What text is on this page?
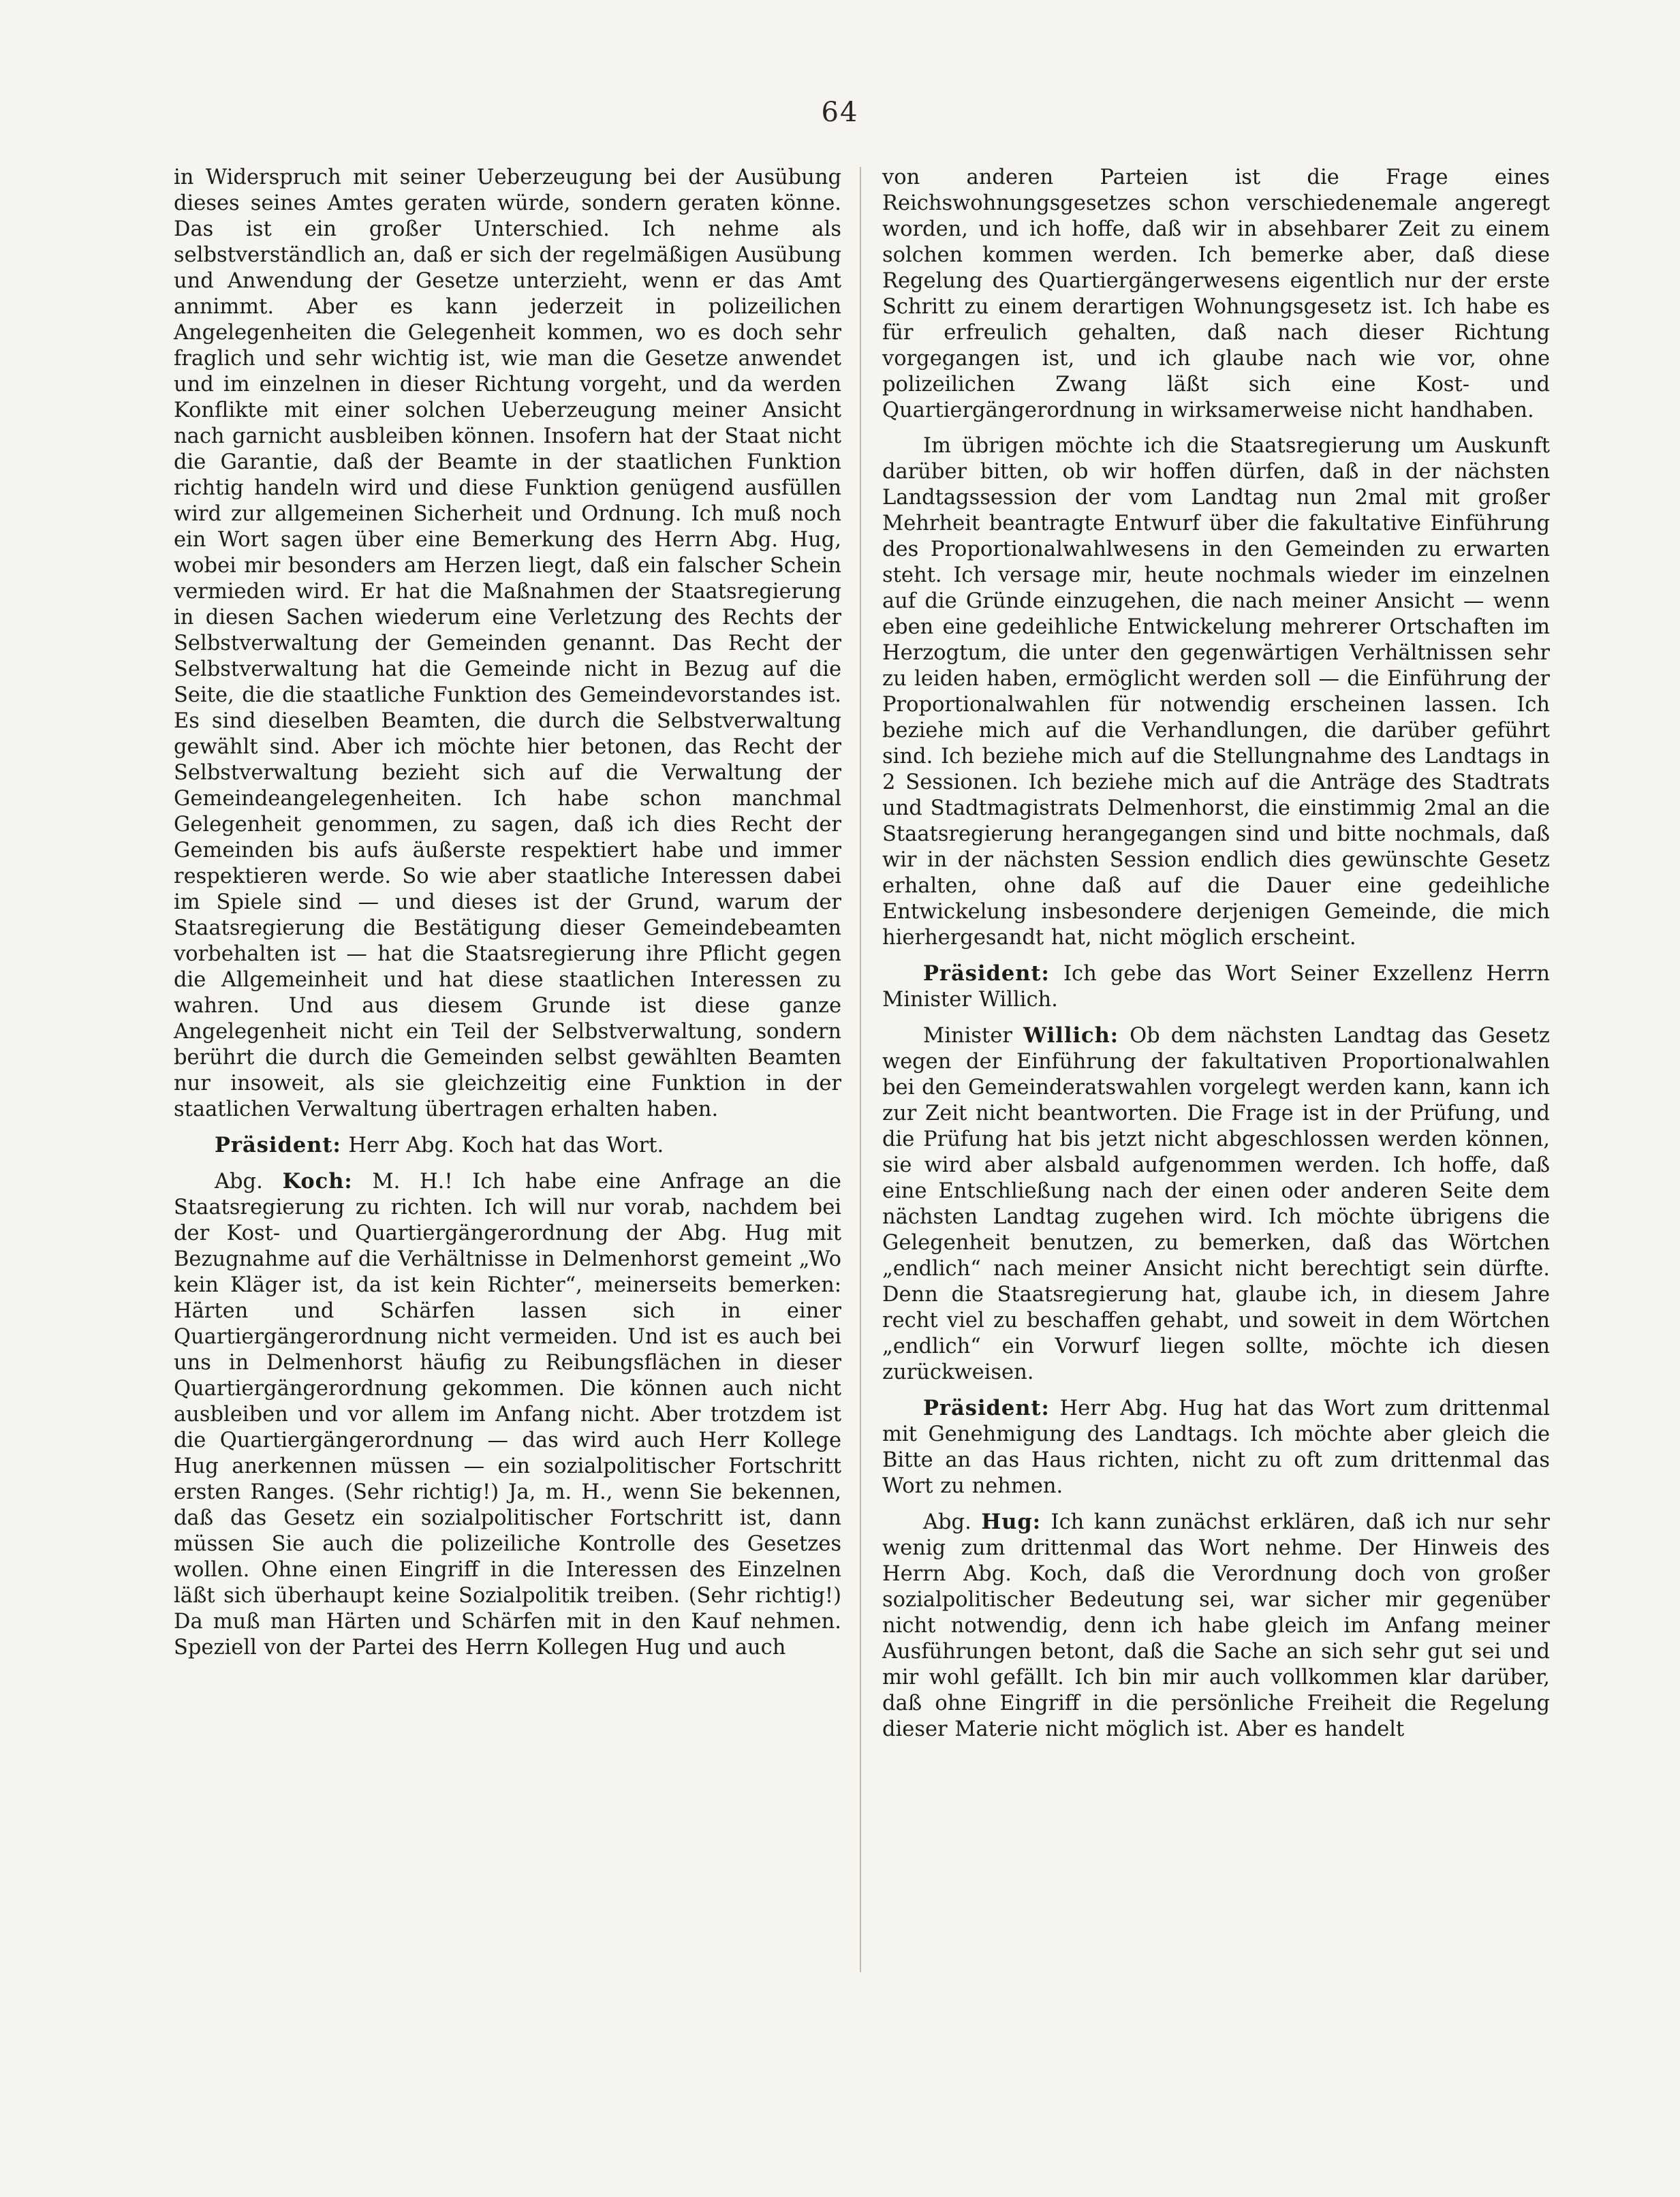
64

in Widerspruch mit seiner Ueberzeugung bei der Ausübung dieses seines Amtes geraten würde, sondern geraten könne. Das ist ein großer Unterschied. Ich nehme als selbstverständlich an, daß er sich der regelmäßigen Ausübung und Anwendung der Gesetze unterzieht, wenn er das Amt annimmt. Aber es kann jederzeit in polizeilichen Angelegenheiten die Gelegenheit kommen, wo es doch sehr fraglich und sehr wichtig ist, wie man die Gesetze anwendet und im einzelnen in dieser Richtung vorgeht, und da werden Konflikte mit einer solchen Ueberzeugung meiner Ansicht nach garnicht ausbleiben können. Insofern hat der Staat nicht die Garantie, daß der Beamte in der staatlichen Funktion richtig handeln wird und diese Funktion genügend ausfüllen wird zur allgemeinen Sicherheit und Ordnung. Ich muß noch ein Wort sagen über eine Bemerkung des Herrn Abg. Hug, wobei mir besonders am Herzen liegt, daß ein falscher Schein vermieden wird. Er hat die Maßnahmen der Staatsregierung in diesen Sachen wiederum eine Verletzung des Rechts der Selbstverwaltung der Gemeinden genannt. Das Recht der Selbstverwaltung hat die Gemeinde nicht in Bezug auf die Seite, die die staatliche Funktion des Gemeindevorstandes ist. Es sind dieselben Beamten, die durch die Selbstverwaltung gewählt sind. Aber ich möchte hier betonen, das Recht der Selbstverwaltung bezieht sich auf die Verwaltung der Gemeindeangelegenheiten. Ich habe schon manchmal Gelegenheit genommen, zu sagen, daß ich dies Recht der Gemeinden bis aufs äußerste respektiert habe und immer respektieren werde. So wie aber staatliche Interessen dabei im Spiele sind — und dieses ist der Grund, warum der Staatsregierung die Bestätigung dieser Gemeindebeamten vorbehalten ist — hat die Staatsregierung ihre Pflicht gegen die Allgemeinheit und hat diese staatlichen Interessen zu wahren. Und aus diesem Grunde ist diese ganze Angelegenheit nicht ein Teil der Selbstverwaltung, sondern berührt die durch die Gemeinden selbst gewählten Beamten nur insoweit, als sie gleichzeitig eine Funktion in der staatlichen Verwaltung übertragen erhalten haben.

Präsident: Herr Abg. Koch hat das Wort.

Abg. Koch: M. H.! Ich habe eine Anfrage an die Staatsregierung zu richten. Ich will nur vorab, nachdem bei der Kost- und Quartiergängerordnung der Abg. Hug mit Bezugnahme auf die Verhältnisse in Delmenhorst gemeint „Wo kein Kläger ist, da ist kein Richter“, meinerseits bemerken: Härten und Schärfen lassen sich in einer Quartiergängerordnung nicht vermeiden. Und ist es auch bei uns in Delmenhorst häufig zu Reibungsflächen in dieser Quartiergängerordnung gekommen. Die können auch nicht ausbleiben und vor allem im Anfang nicht. Aber trotzdem ist die Quartiergängerordnung — das wird auch Herr Kollege Hug anerkennen müssen — ein sozialpolitischer Fortschritt ersten Ranges. (Sehr richtig!) Ja, m. H., wenn Sie bekennen, daß das Gesetz ein sozialpolitischer Fortschritt ist, dann müssen Sie auch die polizeiliche Kontrolle des Gesetzes wollen. Ohne einen Eingriff in die Interessen des Einzelnen läßt sich überhaupt keine Sozialpolitik treiben. (Sehr richtig!) Da muß man Härten und Schärfen mit in den Kauf nehmen. Speziell von der Partei des Herrn Kollegen Hug und auch

von anderen Parteien ist die Frage eines Reichswohnungsgesetzes schon verschiedenemale angeregt worden, und ich hoffe, daß wir in absehbarer Zeit zu einem solchen kommen werden. Ich bemerke aber, daß diese Regelung des Quartiergängerwesens eigentlich nur der erste Schritt zu einem derartigen Wohnungsgesetz ist. Ich habe es für erfreulich gehalten, daß nach dieser Richtung vorgegangen ist, und ich glaube nach wie vor, ohne polizeilichen Zwang läßt sich eine Kost- und Quartiergängerordnung in wirksamerweise nicht handhaben.

Im übrigen möchte ich die Staatsregierung um Auskunft darüber bitten, ob wir hoffen dürfen, daß in der nächsten Landtagssession der vom Landtag nun 2mal mit großer Mehrheit beantragte Entwurf über die fakultative Einführung des Proportionalwahlwesens in den Gemeinden zu erwarten steht. Ich versage mir, heute nochmals wieder im einzelnen auf die Gründe einzugehen, die nach meiner Ansicht — wenn eben eine gedeihliche Entwickelung mehrerer Ortschaften im Herzogtum, die unter den gegenwärtigen Verhältnissen sehr zu leiden haben, ermöglicht werden soll — die Einführung der Proportionalwahlen für notwendig erscheinen lassen. Ich beziehe mich auf die Verhandlungen, die darüber geführt sind. Ich beziehe mich auf die Stellungnahme des Landtags in 2 Sessionen. Ich beziehe mich auf die Anträge des Stadtrats und Stadtmagistrats Delmenhorst, die einstimmig 2mal an die Staatsregierung herangegangen sind und bitte nochmals, daß wir in der nächsten Session endlich dies gewünschte Gesetz erhalten, ohne daß auf die Dauer eine gedeihliche Entwickelung insbesondere derjenigen Gemeinde, die mich hierhergesandt hat, nicht möglich erscheint.

Präsident: Ich gebe das Wort Seiner Exzellenz Herrn Minister Willich.

Minister Willich: Ob dem nächsten Landtag das Gesetz wegen der Einführung der fakultativen Proportionalwahlen bei den Gemeinderatswahlen vorgelegt werden kann, kann ich zur Zeit nicht beantworten. Die Frage ist in der Prüfung, und die Prüfung hat bis jetzt nicht abgeschlossen werden können, sie wird aber alsbald aufgenommen werden. Ich hoffe, daß eine Entschließung nach der einen oder anderen Seite dem nächsten Landtag zugehen wird. Ich möchte übrigens die Gelegenheit benutzen, zu bemerken, daß das Wörtchen „endlich“ nach meiner Ansicht nicht berechtigt sein dürfte. Denn die Staatsregierung hat, glaube ich, in diesem Jahre recht viel zu beschaffen gehabt, und soweit in dem Wörtchen „endlich“ ein Vorwurf liegen sollte, möchte ich diesen zurückweisen.

Präsident: Herr Abg. Hug hat das Wort zum drittenmal mit Genehmigung des Landtags. Ich möchte aber gleich die Bitte an das Haus richten, nicht zu oft zum drittenmal das Wort zu nehmen.

Abg. Hug: Ich kann zunächst erklären, daß ich nur sehr wenig zum drittenmal das Wort nehme. Der Hinweis des Herrn Abg. Koch, daß die Verordnung doch von großer sozialpolitischer Bedeutung sei, war sicher mir gegenüber nicht notwendig, denn ich habe gleich im Anfang meiner Ausführungen betont, daß die Sache an sich sehr gut sei und mir wohl gefällt. Ich bin mir auch vollkommen klar darüber, daß ohne Eingriff in die persönliche Freiheit die Regelung dieser Materie nicht möglich ist. Aber es handelt
